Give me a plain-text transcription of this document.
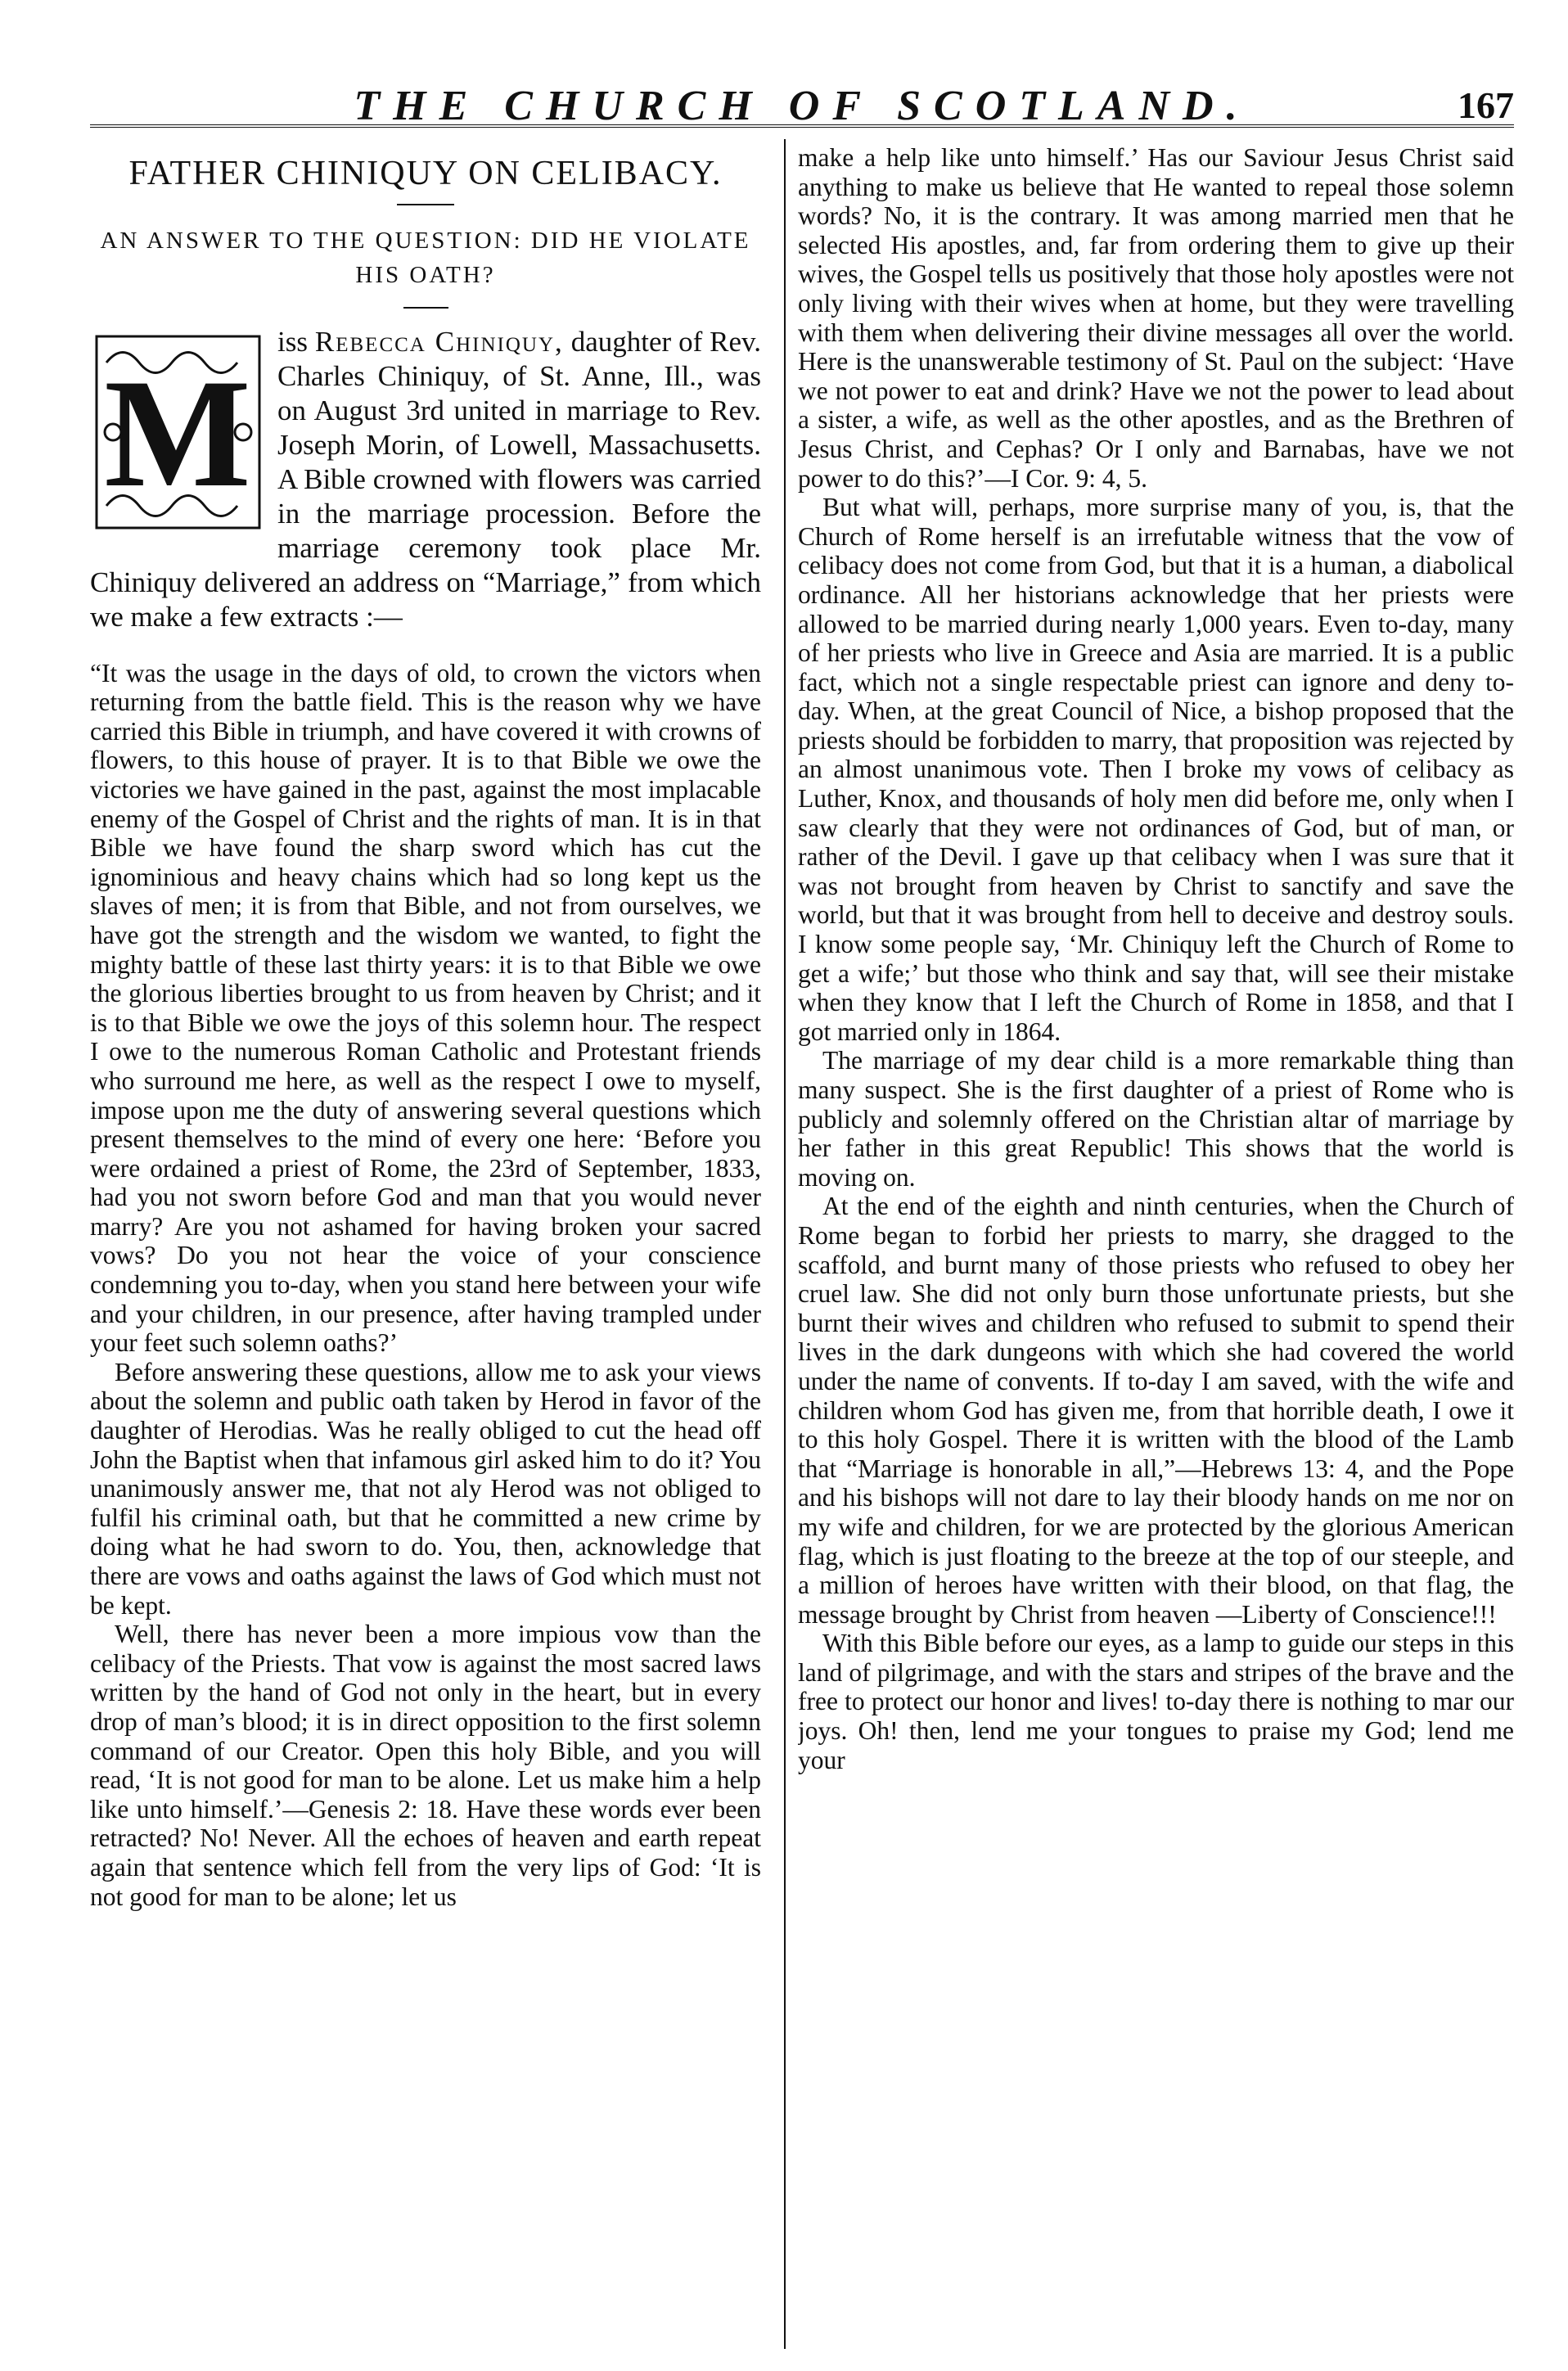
THE CHURCH OF SCOTLAND.	167
FATHER CHINIQUY ON CELIBACY.
AN ANSWER TO THE QUESTION: DID HE VIOLATE HIS OATH?
M
iss Rebecca Chiniquy, daughter of Rev. Charles Chiniquy, of St. Anne, Ill., was on August 3rd united in marriage to Rev. Joseph Morin, of Lowell, Massachusetts. A Bible crowned with flowers was carried in the marriage procession. Before the marriage ceremony took place Mr. Chiniquy delivered an address on “Marriage,” from which we make a few extracts :—

“It was the usage in the days of old, to crown the victors when returning from the battle field. This is the reason why we have carried this Bible in triumph, and have covered it with crowns of flowers, to this house of prayer. It is to that Bible we owe the victories we have gained in the past, against the most implacable enemy of the Gospel of Christ and the rights of man. It is in that Bible we have found the sharp sword which has cut the ignominious and heavy chains which had so long kept us the slaves of men; it is from that Bible, and not from ourselves, we have got the strength and the wisdom we wanted, to fight the mighty battle of these last thirty years: it is to that Bible we owe the glorious liberties brought to us from heaven by Christ; and it is to that Bible we owe the joys of this solemn hour. The respect I owe to the numerous Roman Catholic and Protestant friends who surround me here, as well as the respect I owe to myself, impose upon me the duty of answering several questions which present themselves to the mind of every one here: ‘Before you were ordained a priest of Rome, the 23rd of September, 1833, had you not sworn before God and man that you would never marry? Are you not ashamed for having broken your sacred vows? Do you not hear the voice of your conscience condemning you to-day, when you stand here between your wife and your children, in our presence, after having trampled under your feet such solemn oaths?’

Before answering these questions, allow me to ask your views about the solemn and public oath taken by Herod in favor of the daughter of Herodias. Was he really obliged to cut the head off John the Baptist when that infamous girl asked him to do it? You unanimously answer me, that not aly Herod was not obliged to fulfil his criminal oath, but that he committed a new crime by doing what he had sworn to do. You, then, acknowledge that there are vows and oaths against the laws of God which must not be kept.

Well, there has never been a more impious vow than the celibacy of the Priests. That vow is against the most sacred laws written by the hand of God not only in the heart, but in every drop of man’s blood; it is in direct opposition to the first solemn command of our Creator. Open this holy Bible, and you will read, ‘It is not good for man to be alone. Let us make him a help like unto himself.’—Genesis 2: 18. Have these words ever been retracted? No! Never. All the echoes of heaven and earth repeat again that sentence which fell from the very lips of God: ‘It is not good for man to be alone; let us

make a help like unto himself.’ Has our Saviour Jesus Christ said anything to make us believe that He wanted to repeal those solemn words? No, it is the contrary. It was among married men that he selected His apostles, and, far from ordering them to give up their wives, the Gospel tells us positively that those holy apostles were not only living with their wives when at home, but they were travelling with them when delivering their divine messages all over the world. Here is the unanswerable testimony of St. Paul on the subject: ‘Have we not power to eat and drink? Have we not the power to lead about a sister, a wife, as well as the other apostles, and as the Brethren of Jesus Christ, and Cephas? Or I only and Barnabas, have we not power to do this?’—I Cor. 9: 4, 5.

But what will, perhaps, more surprise many of you, is, that the Church of Rome herself is an irrefutable witness that the vow of celibacy does not come from God, but that it is a human, a diabolical ordinance. All her historians acknowledge that her priests were allowed to be married during nearly 1,000 years. Even to-day, many of her priests who live in Greece and Asia are married. It is a public fact, which not a single respectable priest can ignore and deny to-day. When, at the great Council of Nice, a bishop proposed that the priests should be forbidden to marry, that proposition was rejected by an almost unanimous vote. Then I broke my vows of celibacy as Luther, Knox, and thousands of holy men did before me, only when I saw clearly that they were not ordinances of God, but of man, or rather of the Devil. I gave up that celibacy when I was sure that it was not brought from heaven by Christ to sanctify and save the world, but that it was brought from hell to deceive and destroy souls. I know some people say, ‘Mr. Chiniquy left the Church of Rome to get a wife;’ but those who think and say that, will see their mistake when they know that I left the Church of Rome in 1858, and that I got married only in 1864.

The marriage of my dear child is a more remarkable thing than many suspect. She is the first daughter of a priest of Rome who is publicly and solemnly offered on the Christian altar of marriage by her father in this great Republic! This shows that the world is moving on.

At the end of the eighth and ninth centuries, when the Church of Rome began to forbid her priests to marry, she dragged to the scaffold, and burnt many of those priests who refused to obey her cruel law. She did not only burn those unfortunate priests, but she burnt their wives and children who refused to submit to spend their lives in the dark dungeons with which she had covered the world under the name of convents. If to-day I am saved, with the wife and children whom God has given me, from that horrible death, I owe it to this holy Gospel. There it is written with the blood of the Lamb that “Marriage is honorable in all,”—Hebrews 13: 4, and the Pope and his bishops will not dare to lay their bloody hands on me nor on my wife and children, for we are protected by the glorious American flag, which is just floating to the breeze at the top of our steeple, and a million of heroes have written with their blood, on that flag, the message brought by Christ from heaven —Liberty of Conscience!!!

With this Bible before our eyes, as a lamp to guide our steps in this land of pilgrimage, and with the stars and stripes of the brave and the free to protect our honor and lives! to-day there is nothing to mar our joys. Oh! then, lend me your tongues to praise my God; lend me your
